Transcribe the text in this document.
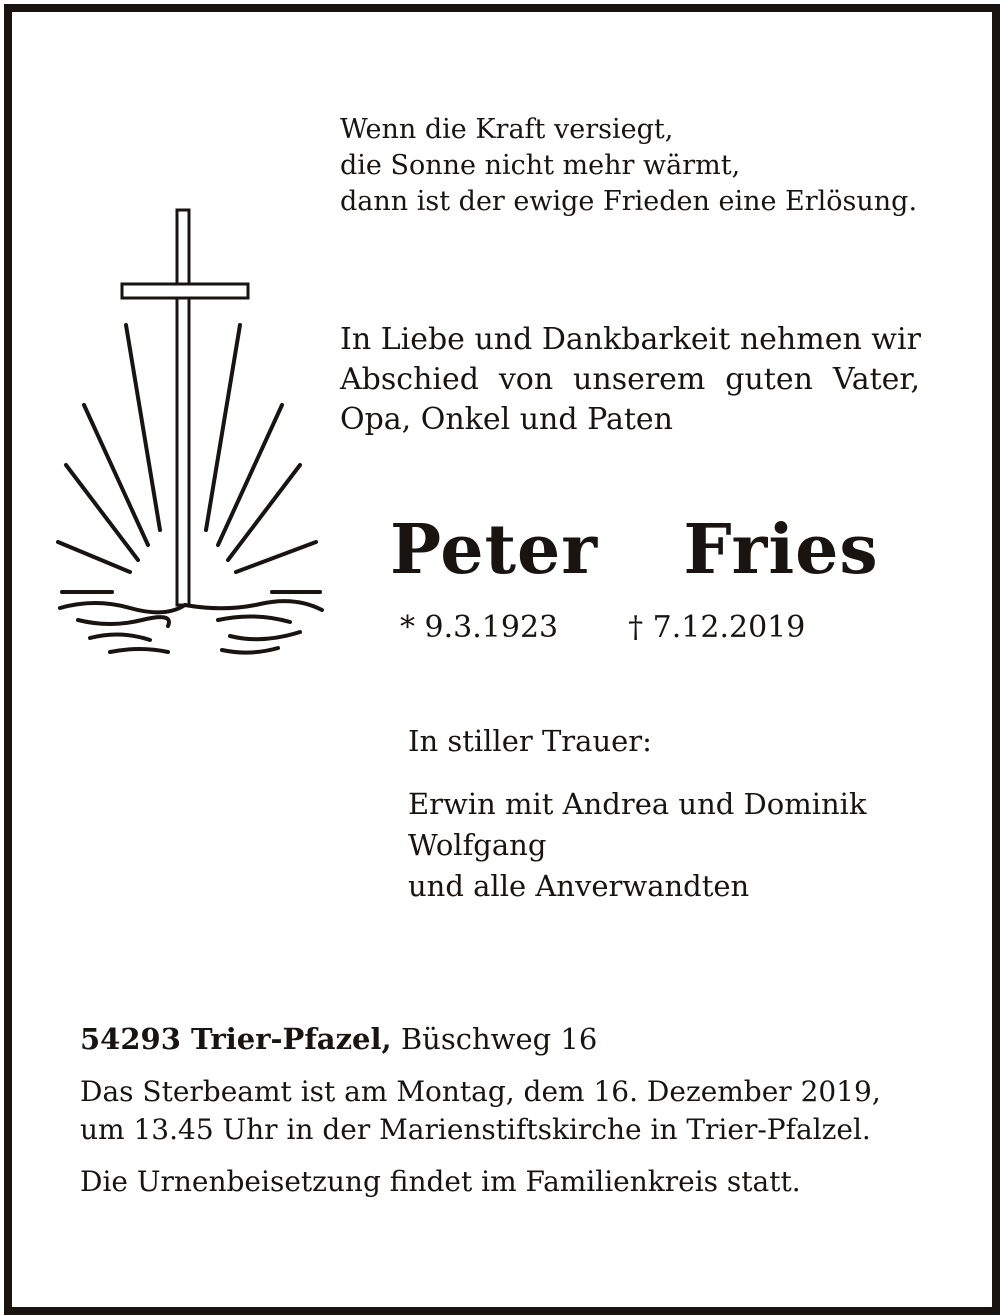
Wenn die Kraft versiegt,
die Sonne nicht mehr wärmt,
dann ist der ewige Frieden eine Erlösung.
In Liebe und Dankbarkeit nehmen wir
Abschied von unserem guten Vater,
Opa, Onkel und Paten
Peter  Fries
* 9.3.1923 † 7.12.2019
In stiller Trauer:
Erwin mit Andrea und Dominik
Wolfgang
und alle Anverwandten
54293 Trier-Pfazel, Büschweg 16
Das Sterbeamt ist am Montag, dem 16. Dezember 2019,
um 13.45 Uhr in der Marienstiftskirche in Trier-Pfalzel.
Die Urnenbeisetzung findet im Familienkreis statt.
